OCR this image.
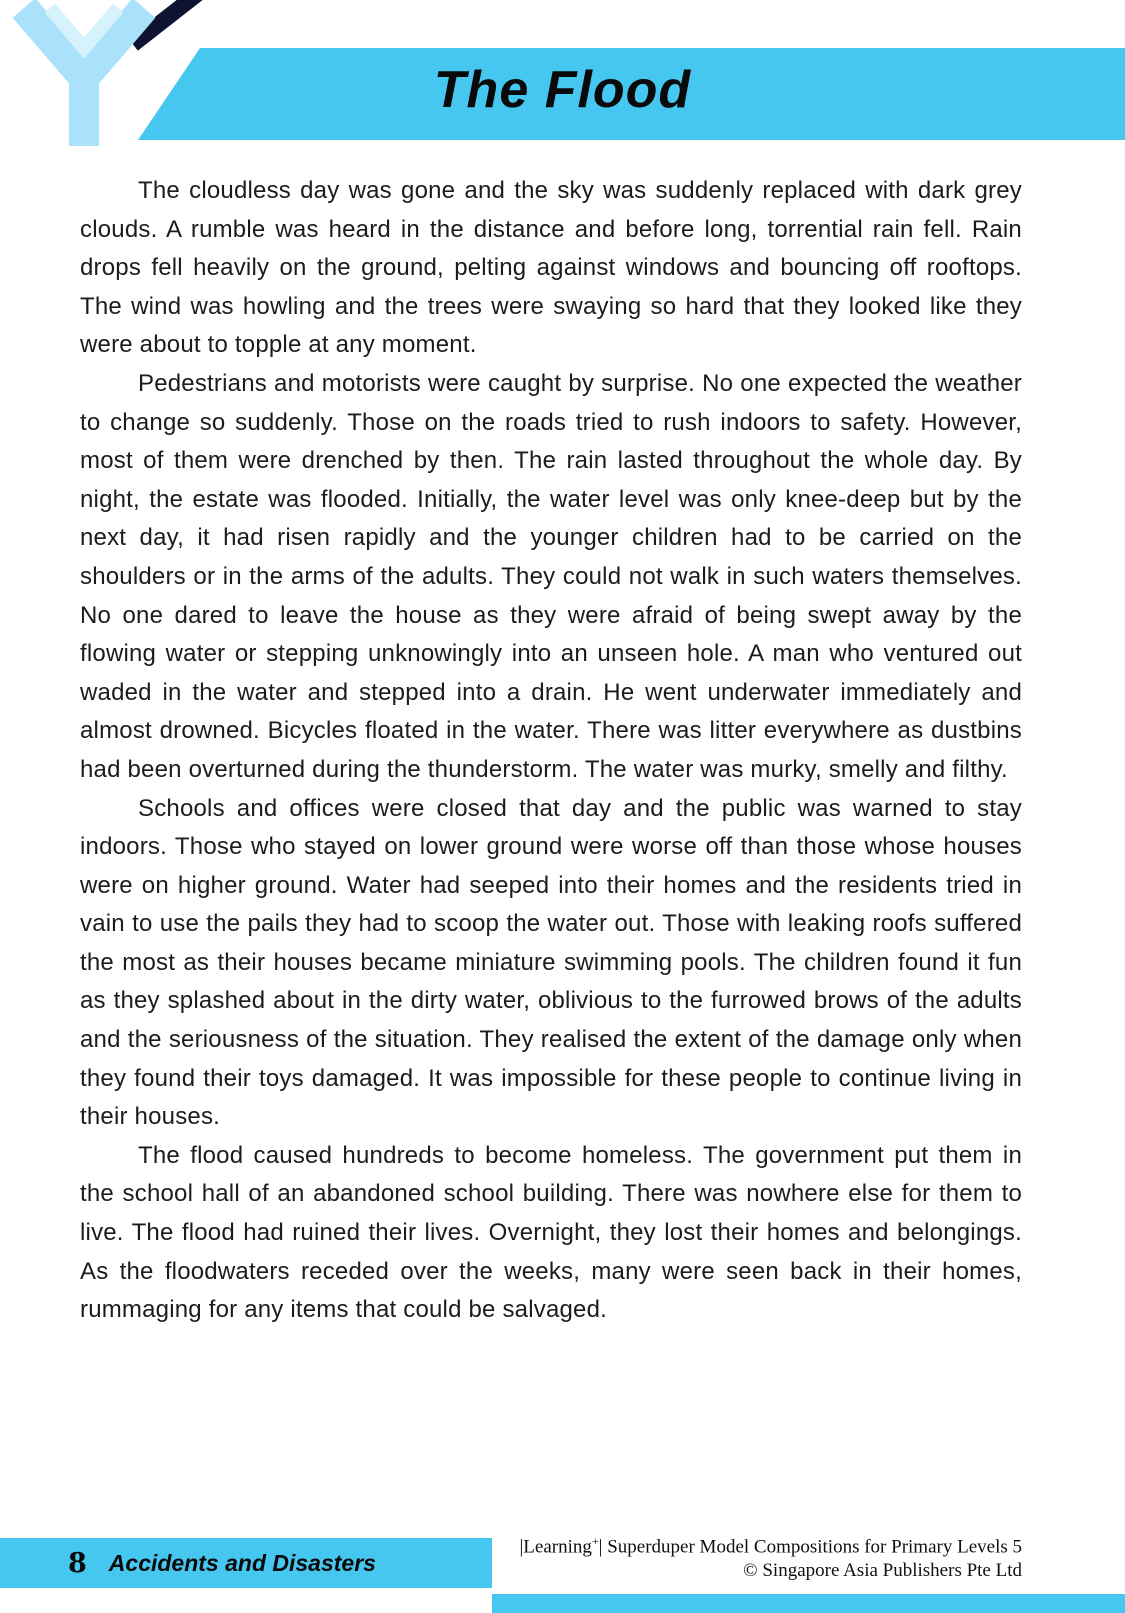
The Flood

The cloudless day was gone and the sky was suddenly replaced with dark grey clouds. A rumble was heard in the distance and before long, torrential rain fell. Rain drops fell heavily on the ground, pelting against windows and bouncing off rooftops. The wind was howling and the trees were swaying so hard that they looked like they were about to topple at any moment.

Pedestrians and motorists were caught by surprise. No one expected the weather to change so suddenly. Those on the roads tried to rush indoors to safety. However, most of them were drenched by then. The rain lasted throughout the whole day. By night, the estate was flooded. Initially, the water level was only knee-deep but by the next day, it had risen rapidly and the younger children had to be carried on the shoulders or in the arms of the adults. They could not walk in such waters themselves. No one dared to leave the house as they were afraid of being swept away by the flowing water or stepping unknowingly into an unseen hole. A man who ventured out waded in the water and stepped into a drain. He went underwater immediately and almost drowned. Bicycles floated in the water. There was litter everywhere as dustbins had been overturned during the thunderstorm. The water was murky, smelly and filthy.

Schools and offices were closed that day and the public was warned to stay indoors. Those who stayed on lower ground were worse off than those whose houses were on higher ground. Water had seeped into their homes and the residents tried in vain to use the pails they had to scoop the water out. Those with leaking roofs suffered the most as their houses became miniature swimming pools. The children found it fun as they splashed about in the dirty water, oblivious to the furrowed brows of the adults and the seriousness of the situation. They realised the extent of the damage only when they found their toys damaged. It was impossible for these people to continue living in their houses.

The flood caused hundreds to become homeless. The government put them in the school hall of an abandoned school building. There was nowhere else for them to live. The flood had ruined their lives. Overnight, they lost their homes and belongings. As the floodwaters receded over the weeks, many were seen back in their homes, rummaging for any items that could be salvaged.

8 Accidents and Disasters
|Learning+| Superduper Model Compositions for Primary Levels 5
© Singapore Asia Publishers Pte Ltd
